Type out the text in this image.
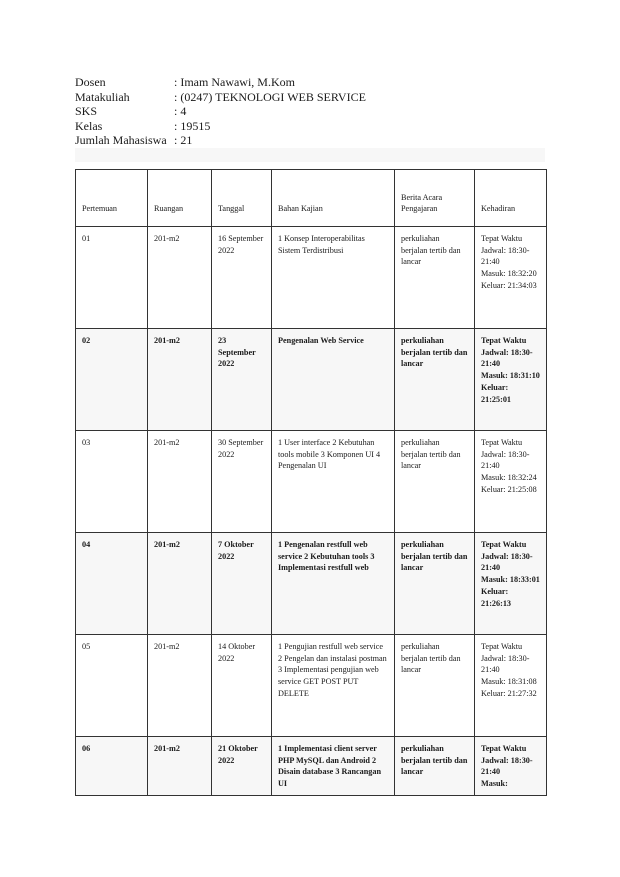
Dosen	: Imam Nawawi, M.Kom
Matakuliah	: (0247) TEKNOLOGI WEB SERVICE
SKS	: 4
Kelas	: 19515
Jumlah Mahasiswa : 21
Pertemuan	Ruangan	Tanggal	Bahan Kajian	Berita Acara Pengajaran	Kehadiran
01	201-m2	16 September 2022	1 Konsep Interoperabilitas Sistem Terdistribusi	perkuliahan berjalan tertib dan lancar	Tepat Waktu
Jadwal: 18:30-21:40
Masuk: 18:32:20
Keluar: 21:34:03

02	201-m2	23 September 2022	Pengenalan Web Service	perkuliahan berjalan tertib dan lancar	Tepat Waktu
Jadwal: 18:30-21:40
Masuk: 18:31:10
Keluar: 21:25:01

03	201-m2	30 September 2022	1 User interface 2 Kebutuhan tools mobile 3 Komponen UI 4 Pengenalan UI	perkuliahan berjalan tertib dan lancar	Tepat Waktu
Jadwal: 18:30-21:40
Masuk: 18:32:24
Keluar: 21:25:08

04	201-m2	7 Oktober 2022	1 Pengenalan restfull web service 2 Kebutuhan tools 3 Implementasi restfull web	perkuliahan berjalan tertib dan lancar	Tepat Waktu
Jadwal: 18:30-21:40
Masuk: 18:33:01
Keluar: 21:26:13

05	201-m2	14 Oktober 2022	1 Pengujian restfull web service 2 Pengelan dan instalasi postman 3 Implementasi pengujian web service GET POST PUT DELETE	perkuliahan berjalan tertib dan lancar	Tepat Waktu
Jadwal: 18:30-21:40
Masuk: 18:31:08
Keluar: 21:27:32

06	201-m2	21 Oktober 2022	1 Implementasi client server PHP MySQL dan Android 2 Disain database 3 Rancangan UI	perkuliahan berjalan tertib dan lancar	Tepat Waktu
Jadwal: 18:30-21:40
Masuk:
